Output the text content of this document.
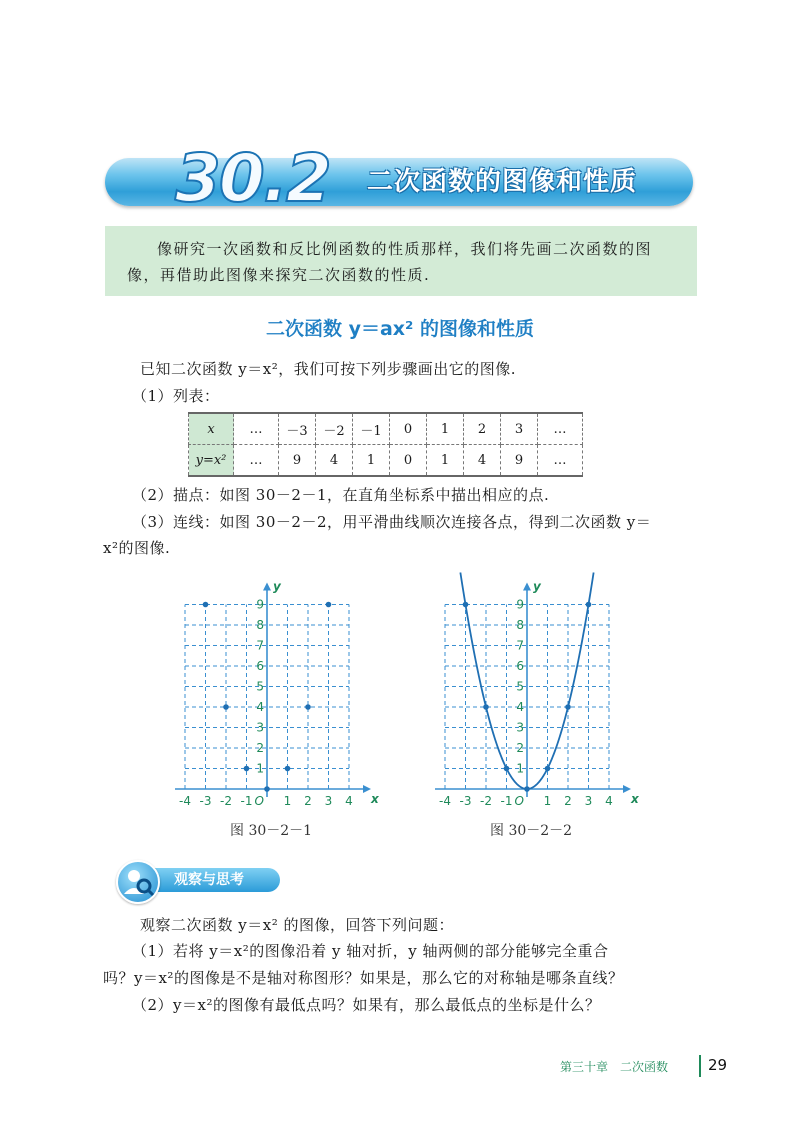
30.2 二次函数的图像和性质
像研究一次函数和反比例函数的性质那样，我们将先画二次函数的图像，再借助此图像来探究二次函数的性质.
二次函数 y＝ax² 的图像和性质
已知二次函数 y＝x²，我们可按下列步骤画出它的图像.
（1）列表：
x	…	－3	－2	－1	0	1	2	3	…
y=x²	…	9	4	1	0	1	4	9	…
（2）描点：如图 30－2－1，在直角坐标系中描出相应的点.
（3）连线：如图 30－2－2，用平滑曲线顺次连接各点，得到二次函数 y＝
x²的图像.
-4 -3 -2 -1	1 2 3 4
1
2
3
4
5
6
7
8
9
O	x
y
-4 -3 -2 -1	1 2 3 4
1
2
3
4
5
6
7
8
9
O	x
y
图 30－2－1	图 30－2－2
观察与思考
观察二次函数 y＝x² 的图像，回答下列问题：
（1）若将 y＝x²的图像沿着 y 轴对折，y 轴两侧的部分能够完全重合
吗？y＝x²的图像是不是轴对称图形？如果是，那么它的对称轴是哪条直线？
（2）y＝x²的图像有最低点吗？如果有，那么最低点的坐标是什么？
第三十章　二次函数	29
